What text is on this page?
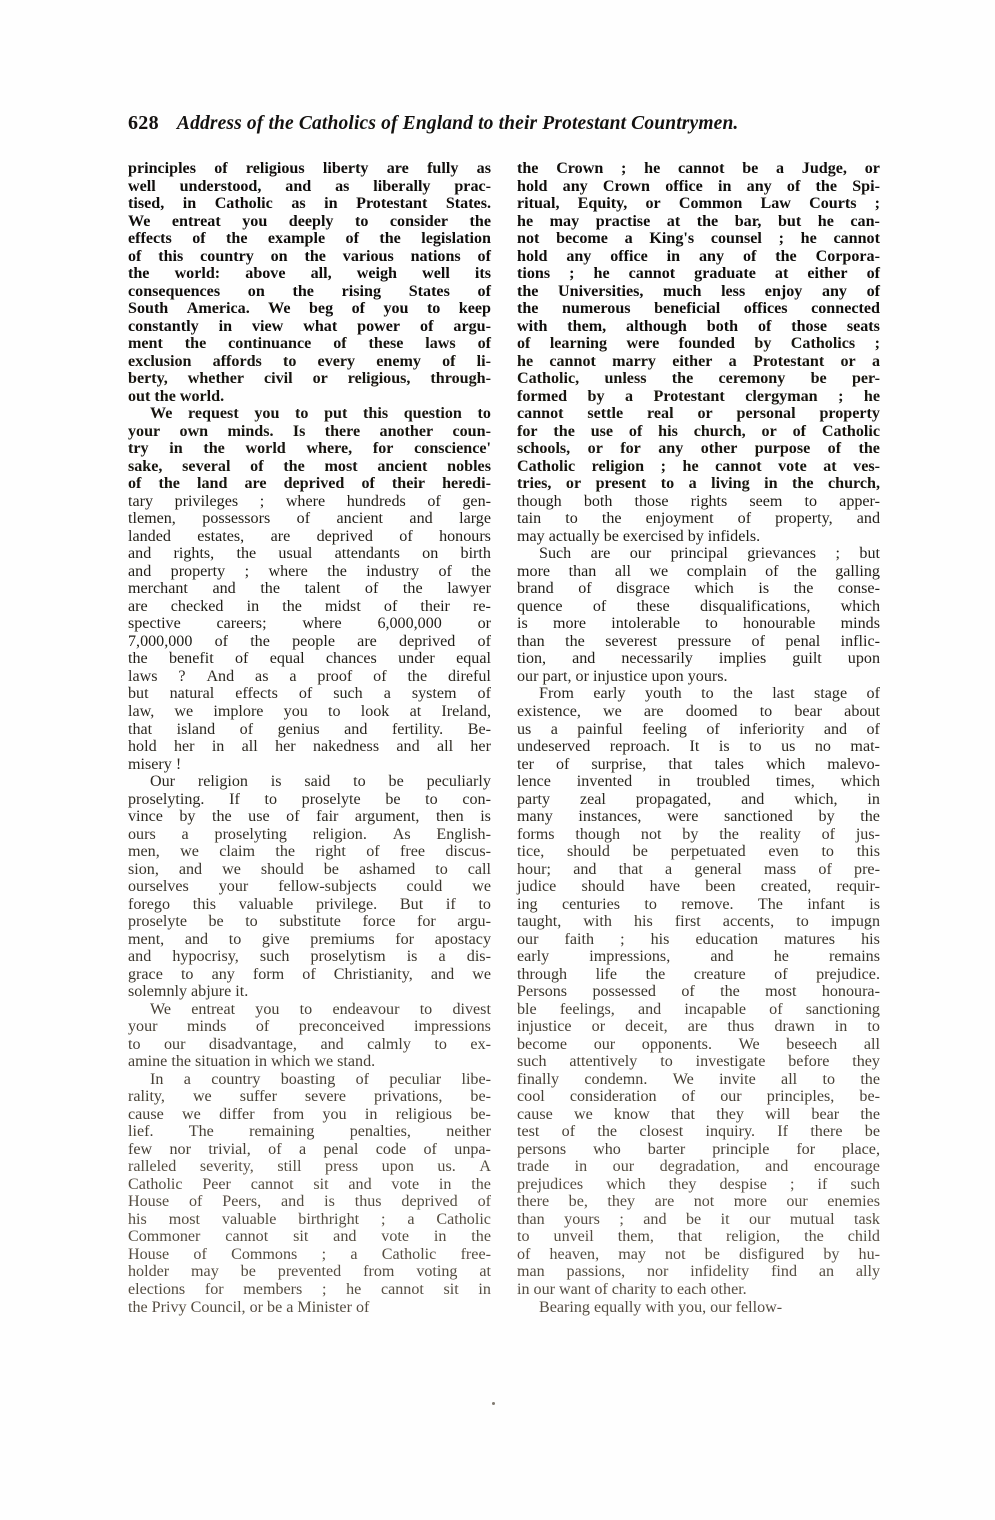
628 Address of the Catholics of England to their Protestant Countrymen.
principles of religious liberty are fully as
well understood, and as liberally prac-
tised, in Catholic as in Protestant States.
We entreat you deeply to consider the
effects of the example of the legislation
of this country on the various nations of
the world: above all, weigh well its
consequences on the rising States of
South America. We beg of you to keep
constantly in view what power of argu-
ment the continuance of these laws of
exclusion affords to every enemy of li-
berty, whether civil or religious, through-
out the world.
We request you to put this question to
your own minds. Is there another coun-
try in the world where, for conscience'
sake, several of the most ancient nobles
of the land are deprived of their heredi-
tary privileges ; where hundreds of gen-
tlemen, possessors of ancient and large
landed estates, are deprived of honours
and rights, the usual attendants on birth
and property ; where the industry of the
merchant and the talent of the lawyer
are checked in the midst of their re-
spective careers; where 6,000,000 or
7,000,000 of the people are deprived of
the benefit of equal chances under equal
laws ? And as a proof of the direful
but natural effects of such a system of
law, we implore you to look at Ireland,
that island of genius and fertility. Be-
hold her in all her nakedness and all her
misery !
Our religion is said to be peculiarly
proselyting. If to proselyte be to con-
vince by the use of fair argument, then is
ours a proselyting religion. As English-
men, we claim the right of free discus-
sion, and we should be ashamed to call
ourselves your fellow-subjects could we
forego this valuable privilege. But if to
proselyte be to substitute force for argu-
ment, and to give premiums for apostacy
and hypocrisy, such proselytism is a dis-
grace to any form of Christianity, and we
solemnly abjure it.
We entreat you to endeavour to divest
your minds of preconceived impressions
to our disadvantage, and calmly to ex-
amine the situation in which we stand.
In a country boasting of peculiar libe-
rality, we suffer severe privations, be-
cause we differ from you in religious be-
lief. The remaining penalties, neither
few nor trivial, of a penal code of unpa-
ralleled severity, still press upon us. A
Catholic Peer cannot sit and vote in the
House of Peers, and is thus deprived of
his most valuable birthright ; a Catholic
Commoner cannot sit and vote in the
House of Commons ; a Catholic free-
holder may be prevented from voting at
elections for members ; he cannot sit in
the Privy Council, or be a Minister of
the Crown ; he cannot be a Judge, or
hold any Crown office in any of the Spi-
ritual, Equity, or Common Law Courts ;
he may practise at the bar, but he can-
not become a King's counsel ; he cannot
hold any office in any of the Corpora-
tions ; he cannot graduate at either of
the Universities, much less enjoy any of
the numerous beneficial offices connected
with them, although both of those seats
of learning were founded by Catholics ;
he cannot marry either a Protestant or a
Catholic, unless the ceremony be per-
formed by a Protestant clergyman ; he
cannot settle real or personal property
for the use of his church, or of Catholic
schools, or for any other purpose of the
Catholic religion ; he cannot vote at ves-
tries, or present to a living in the church,
though both those rights seem to apper-
tain to the enjoyment of property, and
may actually be exercised by infidels.
Such are our principal grievances ; but
more than all we complain of the galling
brand of disgrace which is the conse-
quence of these disqualifications, which
is more intolerable to honourable minds
than the severest pressure of penal inflic-
tion, and necessarily implies guilt upon
our part, or injustice upon yours.
From early youth to the last stage of
existence, we are doomed to bear about
us a painful feeling of inferiority and of
undeserved reproach. It is to us no mat-
ter of surprise, that tales which malevo-
lence invented in troubled times, which
party zeal propagated, and which, in
many instances, were sanctioned by the
forms though not by the reality of jus-
tice, should be perpetuated even to this
hour; and that a general mass of pre-
judice should have been created, requir-
ing centuries to remove. The infant is
taught, with his first accents, to impugn
our faith ; his education matures his
early impressions, and he remains
through life the creature of prejudice.
Persons possessed of the most honoura-
ble feelings, and incapable of sanctioning
injustice or deceit, are thus drawn in to
become our opponents. We beseech all
such attentively to investigate before they
finally condemn. We invite all to the
cool consideration of our principles, be-
cause we know that they will bear the
test of the closest inquiry. If there be
persons who barter principle for place,
trade in our degradation, and encourage
prejudices which they despise ; if such
there be, they are not more our enemies
than yours ; and be it our mutual task
to unveil them, that religion, the child
of heaven, may not be disfigured by hu-
man passions, nor infidelity find an ally
in our want of charity to each other.
Bearing equally with you, our fellow-
